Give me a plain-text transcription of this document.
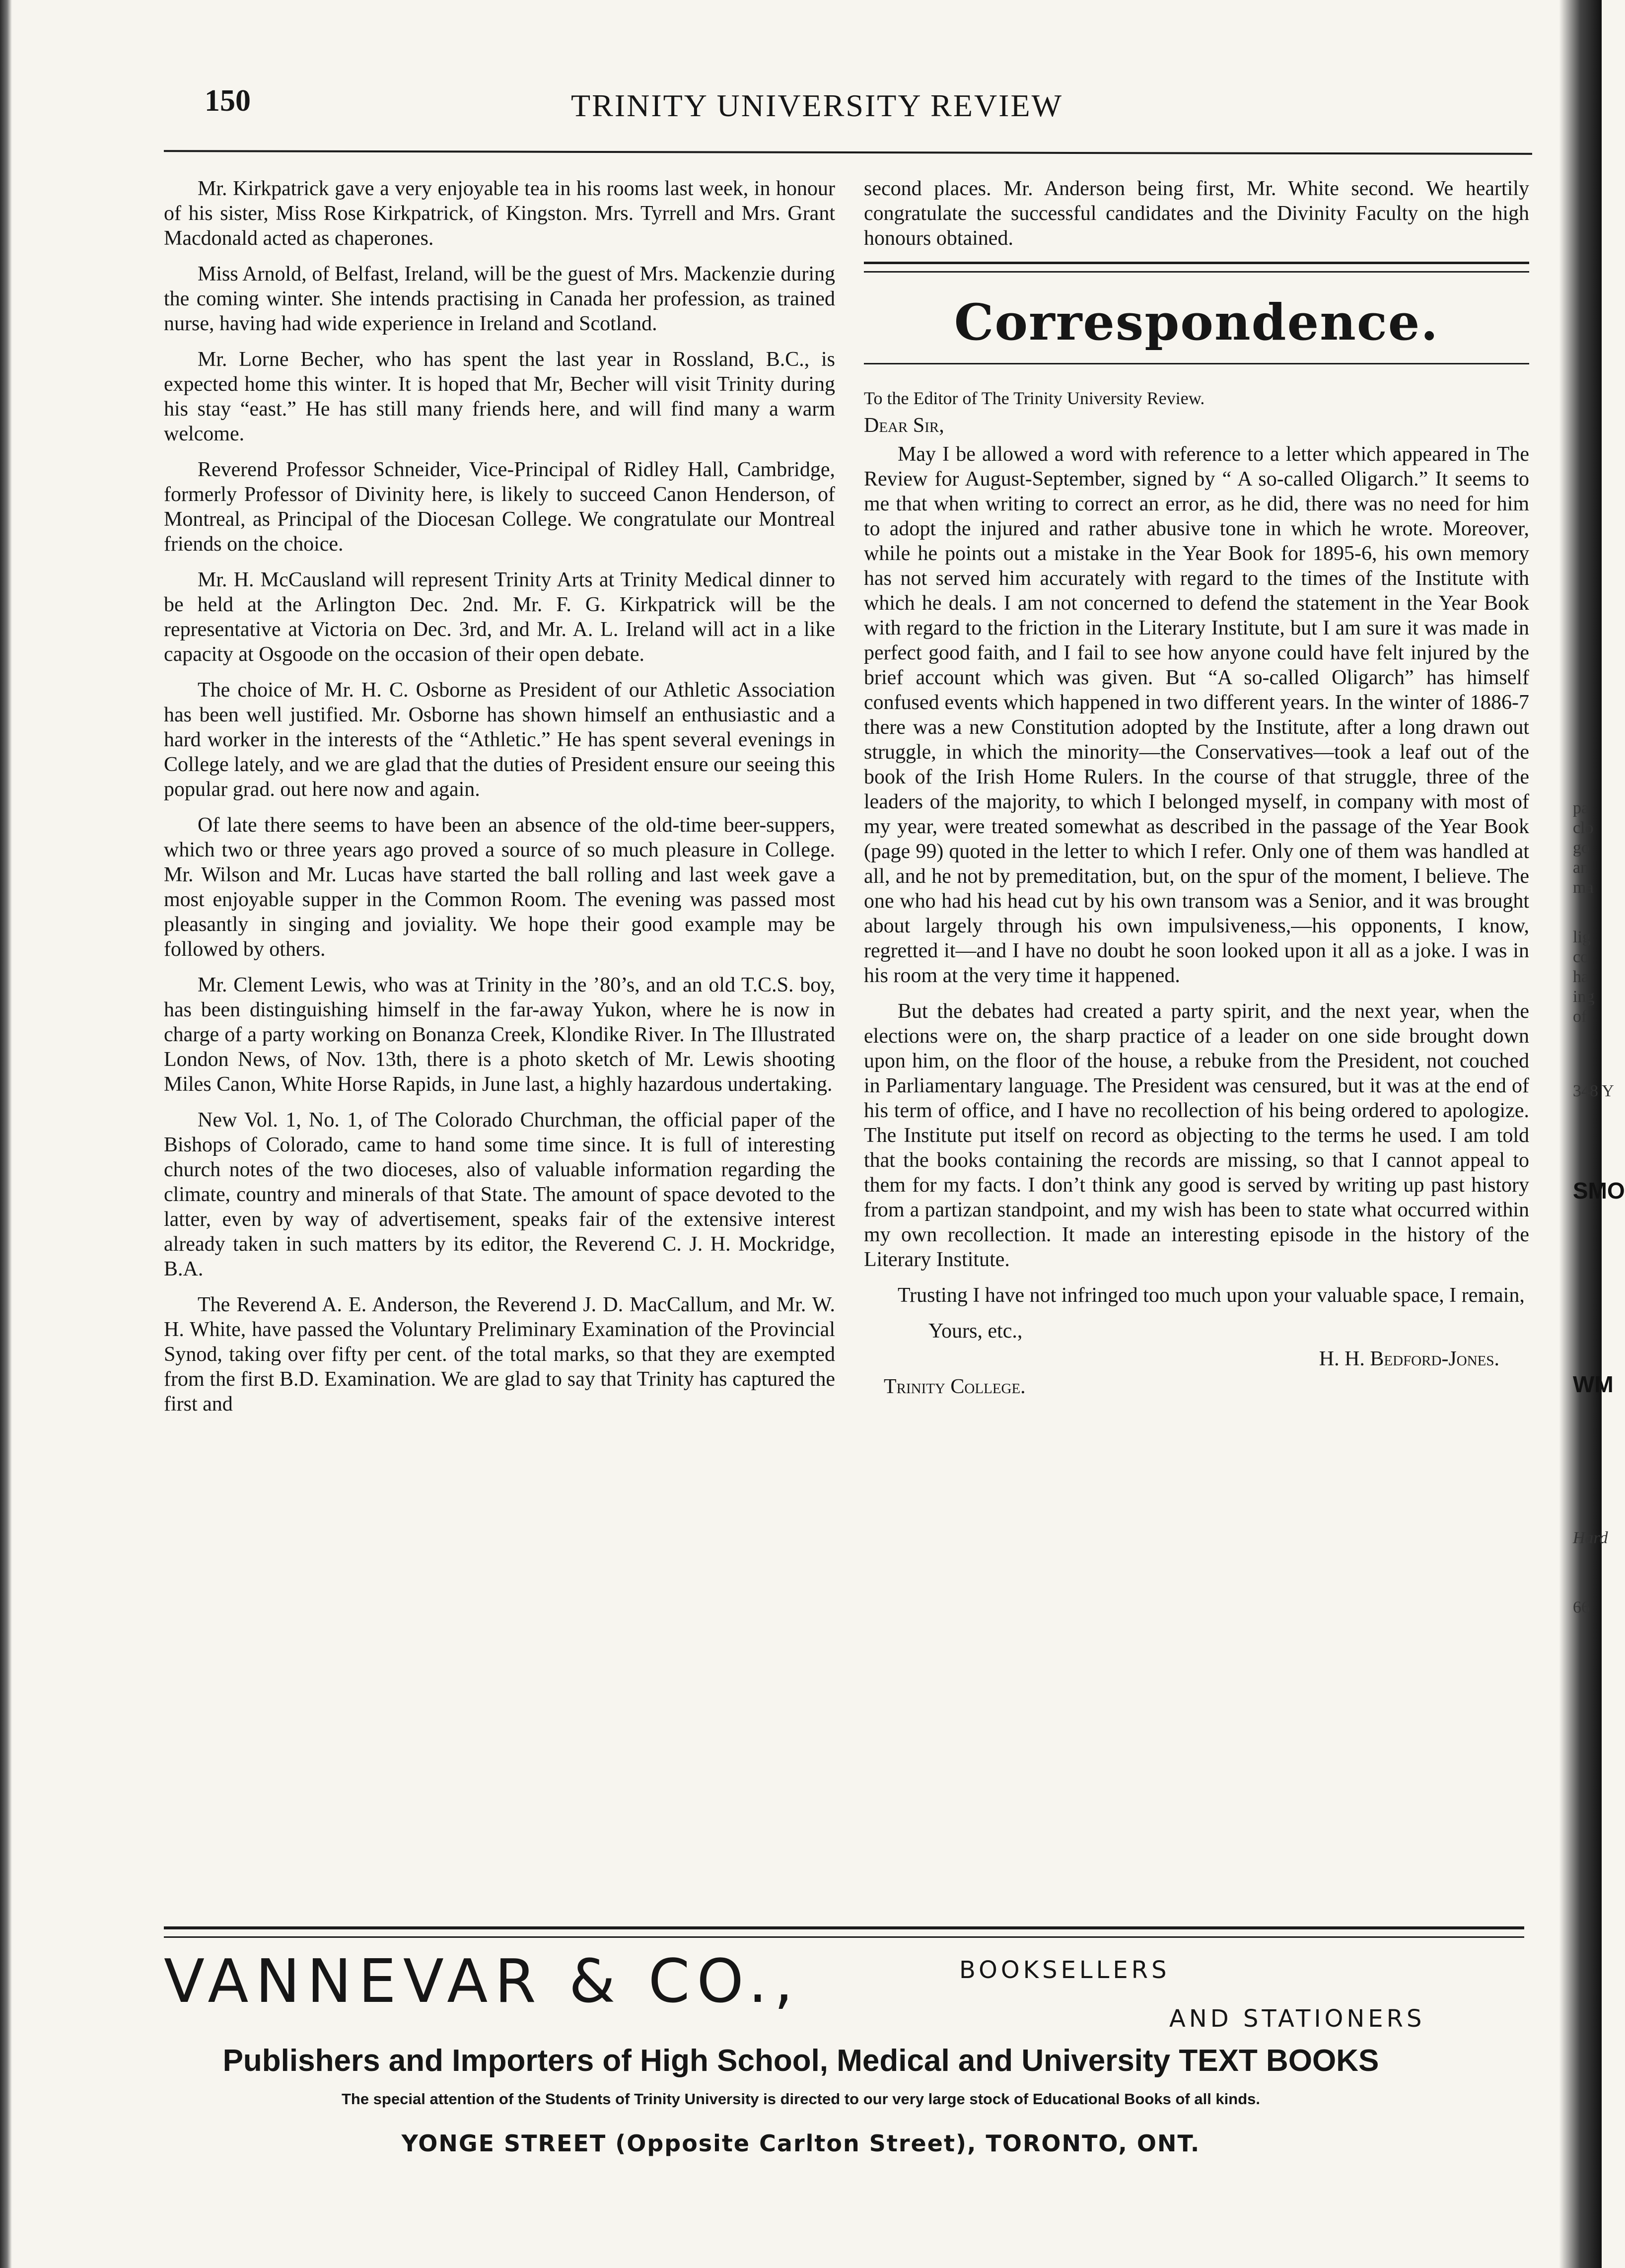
pa
clo
go
an
ma
lig
co
ha
ing
of
348 Y
SMO
WM
Hard
66
150	TRINITY UNIVERSITY REVIEW

Mr. Kirkpatrick gave a very enjoyable tea in his rooms last week, in honour of his sister, Miss Rose Kirkpatrick, of Kingston. Mrs. Tyrrell and Mrs. Grant Macdonald acted as chaperones.

Miss Arnold, of Belfast, Ireland, will be the guest of Mrs. Mackenzie during the coming winter. She intends practising in Canada her profession, as trained nurse, having had wide experience in Ireland and Scotland.

Mr. Lorne Becher, who has spent the last year in Rossland, B.C., is expected home this winter. It is hoped that Mr, Becher will visit Trinity during his stay “east.” He has still many friends here, and will find many a warm welcome.

Reverend Professor Schneider, Vice-Principal of Ridley Hall, Cambridge, formerly Professor of Divinity here, is likely to succeed Canon Henderson, of Montreal, as Principal of the Diocesan College. We congratulate our Montreal friends on the choice.

Mr. H. McCausland will represent Trinity Arts at Trinity Medical dinner to be held at the Arlington Dec. 2nd. Mr. F. G. Kirkpatrick will be the representative at Victoria on Dec. 3rd, and Mr. A. L. Ireland will act in a like capacity at Osgoode on the occasion of their open debate.

The choice of Mr. H. C. Osborne as President of our Athletic Association has been well justified. Mr. Osborne has shown himself an enthusiastic and a hard worker in the interests of the “Athletic.” He has spent several evenings in College lately, and we are glad that the duties of President ensure our seeing this popular grad. out here now and again.

Of late there seems to have been an absence of the old-time beer-suppers, which two or three years ago proved a source of so much pleasure in College. Mr. Wilson and Mr. Lucas have started the ball rolling and last week gave a most enjoyable supper in the Common Room. The evening was passed most pleasantly in singing and joviality. We hope their good example may be followed by others.

Mr. Clement Lewis, who was at Trinity in the ’80’s, and an old T.C.S. boy, has been distinguishing himself in the far-away Yukon, where he is now in charge of a party working on Bonanza Creek, Klondike River. In The Illustrated London News, of Nov. 13th, there is a photo sketch of Mr. Lewis shooting Miles Canon, White Horse Rapids, in June last, a highly hazardous undertaking.

New Vol. 1, No. 1, of The Colorado Churchman, the official paper of the Bishops of Colorado, came to hand some time since. It is full of interesting church notes of the two dioceses, also of valuable information regarding the climate, country and minerals of that State. The amount of space devoted to the latter, even by way of advertisement, speaks fair of the extensive interest already taken in such matters by its editor, the Reverend C. J. H. Mockridge, B.A.

The Reverend A. E. Anderson, the Reverend J. D. MacCallum, and Mr. W. H. White, have passed the Voluntary Preliminary Examination of the Provincial Synod, taking over fifty per cent. of the total marks, so that they are exempted from the first B.D. Examination. We are glad to say that Trinity has captured the first and

second places. Mr. Anderson being first, Mr. White second. We heartily congratulate the successful candidates and the Divinity Faculty on the high honours obtained.

Correspondence.

To the Editor of The Trinity University Review.

Dear Sir,

May I be allowed a word with reference to a letter which appeared in The Review for August-September, signed by “ A so-called Oligarch.” It seems to me that when writing to correct an error, as he did, there was no need for him to adopt the injured and rather abusive tone in which he wrote. Moreover, while he points out a mistake in the Year Book for 1895-6, his own memory has not served him accurately with regard to the times of the Institute with which he deals. I am not concerned to defend the statement in the Year Book with regard to the friction in the Literary Institute, but I am sure it was made in perfect good faith, and I fail to see how anyone could have felt injured by the brief account which was given. But “A so-called Oligarch” has himself confused events which happened in two different years. In the winter of 1886-7 there was a new Constitution adopted by the Institute, after a long drawn out struggle, in which the minority—the Conservatives—took a leaf out of the book of the Irish Home Rulers. In the course of that struggle, three of the leaders of the majority, to which I belonged myself, in company with most of my year, were treated somewhat as described in the passage of the Year Book (page 99) quoted in the letter to which I refer. Only one of them was handled at all, and he not by premeditation, but, on the spur of the moment, I believe. The one who had his head cut by his own transom was a Senior, and it was brought about largely through his own impulsiveness,—his opponents, I know, regretted it—and I have no doubt he soon looked upon it all as a joke. I was in his room at the very time it happened.

But the debates had created a party spirit, and the next year, when the elections were on, the sharp practice of a leader on one side brought down upon him, on the floor of the house, a rebuke from the President, not couched in Parliamentary language. The President was censured, but it was at the end of his term of office, and I have no recollection of his being ordered to apologize. The Institute put itself on record as objecting to the terms he used. I am told that the books containing the records are missing, so that I cannot appeal to them for my facts. I don’t think any good is served by writing up past history from a partizan standpoint, and my wish has been to state what occurred within my own recollection. It made an interesting episode in the history of the Literary Institute.

Trusting I have not infringed too much upon your valuable space, I remain,

Yours, etc.,

H. H. Bedford-Jones.

Trinity College.

VANNEVAR & CO.,	BOOKSELLERS
AND STATIONERS
Publishers and Importers of High School, Medical and University TEXT BOOKS
The special attention of the Students of Trinity University is directed to our very large stock of Educational Books of all kinds.
YONGE STREET (Opposite Carlton Street), TORONTO, ONT.
